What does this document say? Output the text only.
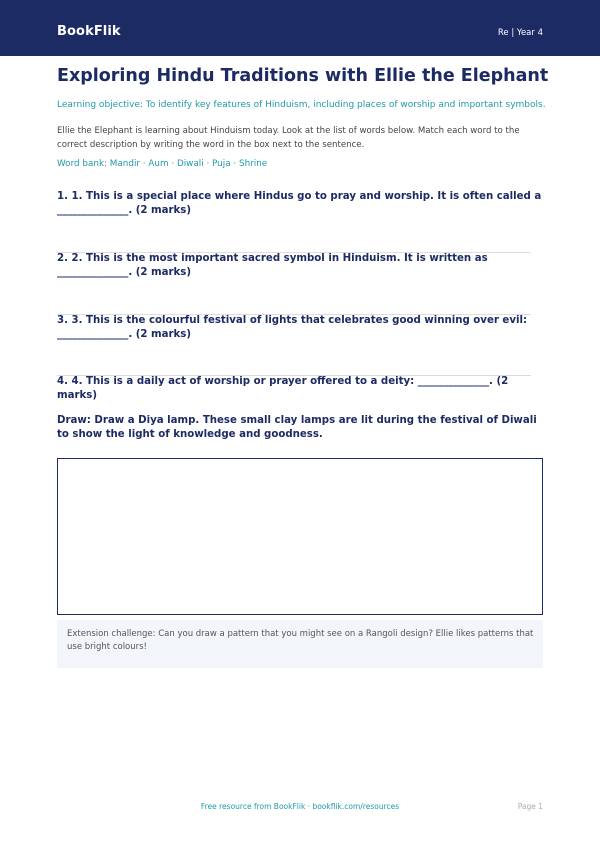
BookFlik	Re | Year 4
Exploring Hindu Traditions with Ellie the Elephant
Learning objective: To identify key features of Hinduism, including places of worship and important symbols.
Ellie the Elephant is learning about Hinduism today. Look at the list of words below. Match each word to the correct description by writing the word in the box next to the sentence.
Word bank: Mandir · Aum · Diwali · Puja · Shrine
1. 1. This is a special place where Hindus go to pray and worship. It is often called a ______________. (2 marks)
2. 2. This is the most important sacred symbol in Hinduism. It is written as ______________. (2 marks)
3. 3. This is the colourful festival of lights that celebrates good winning over evil: ______________. (2 marks)
4. 4. This is a daily act of worship or prayer offered to a deity: ______________. (2 marks)
Draw: Draw a Diya lamp. These small clay lamps are lit during the festival of Diwali to show the light of knowledge and goodness.
Extension challenge: Can you draw a pattern that you might see on a Rangoli design? Ellie likes patterns that use bright colours!
Free resource from BookFlik · bookflik.com/resources	Page 1
